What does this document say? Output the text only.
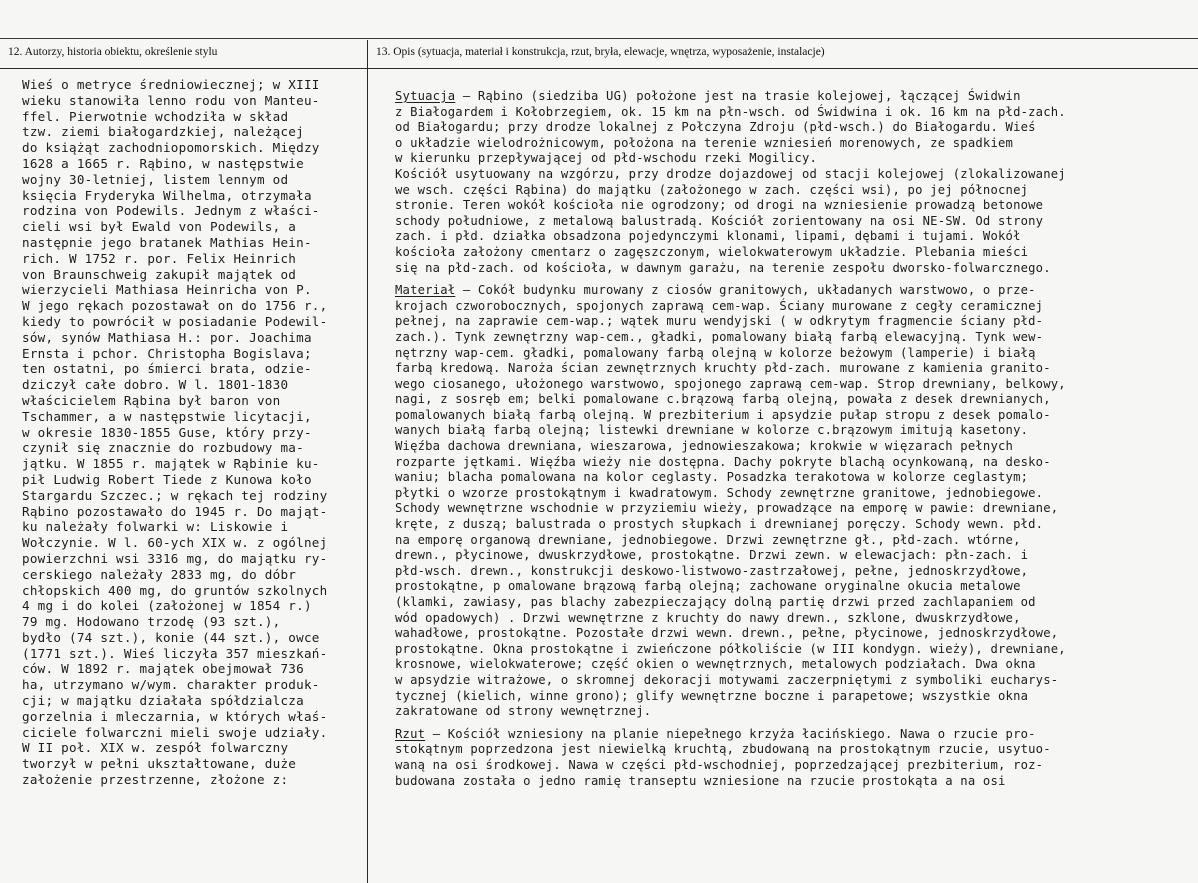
12. Autorzy, historia obiektu, określenie stylu	13. Opis (sytuacja, materiał i konstrukcja, rzut, bryła, elewacje, wnętrza, wyposażenie, instalacje)
Wieś o metryce średniowiecznej; w XIII
wieku stanowiła lenno rodu von Manteu-
ffel. Pierwotnie wchodziła w skład
tzw. ziemi białogardzkiej, należącej
do książąt zachodniopomorskich. Między
1628 a 1665 r. Rąbino, w następstwie
wojny 30-letniej, listem lennym od
księcia Fryderyka Wilhelma, otrzymała
rodzina von Podewils. Jednym z właści-
cieli wsi był Ewald von Podewils, a
następnie jego bratanek Mathias Hein-
rich. W 1752 r. por. Felix Heinrich
von Braunschweig zakupił majątek od
wierzycieli Mathiasa Heinricha von P.
W jego rękach pozostawał on do 1756 r.,
kiedy to powrócił w posiadanie Podewil-
sów, synów Mathiasa H.: por. Joachima
Ernsta i pchor. Christopha Bogislava;
ten ostatni, po śmierci brata, odzie-
dziczył całe dobro. W l. 1801-1830
właścicielem Rąbina był baron von
Tschammer, a w następstwie licytacji,
w okresie 1830-1855 Guse, który przy-
czynił się znacznie do rozbudowy ma-
jątku. W 1855 r. majątek w Rąbinie ku-
pił Ludwig Robert Tiede z Kunowa koło
Stargardu Szczec.; w rękach tej rodziny
Rąbino pozostawało do 1945 r. Do mająt-
ku należały folwarki w: Liskowie i
Wołczynie. W l. 60-ych XIX w. z ogólnej
powierzchni wsi 3316 mg, do majątku ry-
cerskiego należały 2833 mg, do dóbr
chłopskich 400 mg, do gruntów szkolnych
4 mg i do kolei (założonej w 1854 r.)
79 mg. Hodowano trzodę (93 szt.),
bydło (74 szt.), konie (44 szt.), owce
(1771 szt.). Wieś liczyła 357 mieszkań-
ców. W 1892 r. majątek obejmował 736
ha, utrzymano w/wym. charakter produk-
cji; w majątku działała spółdzialcza
gorzelnia i mleczarnia, w których właś-
ciciele folwarczni mieli swoje udziały.
W II poł. XIX w. zespół folwarczny
tworzył w pełni ukształtowane, duże
założenie przestrzenne, złożone z:
Sytuacja – Rąbino (siedziba UG) położone jest na trasie kolejowej, łączącej Świdwin
z Białogardem i Kołobrzegiem, ok. 15 km na płn-wsch. od Świdwina i ok. 16 km na płd-zach.
od Białogardu; przy drodze lokalnej z Połczyna Zdroju (płd-wsch.) do Białogardu. Wieś
o układzie wielodrożnicowym, położona na terenie wzniesień morenowych, ze spadkiem
w kierunku przepływającej od płd-wschodu rzeki Mogilicy.
Kościół usytuowany na wzgórzu, przy drodze dojazdowej od stacji kolejowej (zlokalizowanej
we wsch. części Rąbina) do majątku (założonego w zach. części wsi), po jej północnej
stronie. Teren wokół kościoła nie ogrodzony; od drogi na wzniesienie prowadzą betonowe
schody południowe, z metalową balustradą. Kościół zorientowany na osi NE-SW. Od strony
zach. i płd. działka obsadzona pojedynczymi klonami, lipami, dębami i tujami. Wokół
kościoła założony cmentarz o zagęszczonym, wielokwaterowym układzie. Plebania mieści
się na płd-zach. od kościoła, w dawnym garażu, na terenie zespołu dworsko-folwarcznego.
Materiał – Cokół budynku murowany z ciosów granitowych, układanych warstwowo, o prze-
krojach czworobocznych, spojonych zaprawą cem-wap. Ściany murowane z cegły ceramicznej
pełnej, na zaprawie cem-wap.; wątek muru wendyjski ( w odkrytym fragmencie ściany płd-
zach.). Tynk zewnętrzny wap-cem., gładki, pomalowany białą farbą elewacyjną. Tynk wew-
nętrzny wap-cem. gładki, pomalowany farbą olejną w kolorze beżowym (lamperie) i białą
farbą kredową. Naroża ścian zewnętrznych kruchty płd-zach. murowane z kamienia granito-
wego ciosanego, ułożonego warstwowo, spojonego zaprawą cem-wap. Strop drewniany, belkowy,
nagi, z sosręb em; belki pomalowane c.brązową farbą olejną, powała z desek drewnianych,
pomalowanych białą farbą olejną. W prezbiterium i apsydzie pułap stropu z desek pomalo-
wanych białą farbą olejną; listewki drewniane w kolorze c.brązowym imitują kasetony.
Więźba dachowa drewniana, wieszarowa, jednowieszakowa; krokwie w więzarach pełnych
rozparte jętkami. Więźba wieży nie dostępna. Dachy pokryte blachą ocynkowaną, na desko-
waniu; blacha pomalowana na kolor ceglasty. Posadzka terakotowa w kolorze ceglastym;
płytki o wzorze prostokątnym i kwadratowym. Schody zewnętrzne granitowe, jednobiegowe.
Schody wewnętrzne wschodnie w przyziemiu wieży, prowadzące na emporę w pawie: drewniane,
kręte, z duszą; balustrada o prostych słupkach i drewnianej poręczy. Schody wewn. płd.
na emporę organową drewniane, jednobiegowe. Drzwi zewnętrzne gł., płd-zach. wtórne,
drewn., płycinowe, dwuskrzydłowe, prostokątne. Drzwi zewn. w elewacjach: płn-zach. i
płd-wsch. drewn., konstrukcji deskowo-listwowo-zastrzałowej, pełne, jednoskrzydłowe,
prostokątne, p omalowane brązową farbą olejną; zachowane oryginalne okucia metalowe
(klamki, zawiasy, pas blachy zabezpieczający dolną partię drzwi przed zachlapaniem od
wód opadowych) . Drzwi wewnętrzne z kruchty do nawy drewn., szklone, dwuskrzydłowe,
wahadłowe, prostokątne. Pozostałe drzwi wewn. drewn., pełne, płycinowe, jednoskrzydłowe,
prostokątne. Okna prostokątne i zwieńczone półkoliście (w III kondygn. wieży), drewniane,
krosnowe, wielokwaterowe; część okien o wewnętrznych, metalowych podziałach. Dwa okna
w apsydzie witrażowe, o skromnej dekoracji motywami zaczerpniętymi z symboliki eucharys-
tycznej (kielich, winne grono); glify wewnętrzne boczne i parapetowe; wszystkie okna
zakratowane od strony wewnętrznej.
Rzut – Kościół wzniesiony na planie niepełnego krzyża łacińskiego. Nawa o rzucie pro-
stokątnym poprzedzona jest niewielką kruchtą, zbudowaną na prostokątnym rzucie, usytuo-
waną na osi środkowej. Nawa w części płd-wschodniej, poprzedzającej prezbiterium, roz-
budowana została o jedno ramię transeptu wzniesione na rzucie prostokąta a na osi
